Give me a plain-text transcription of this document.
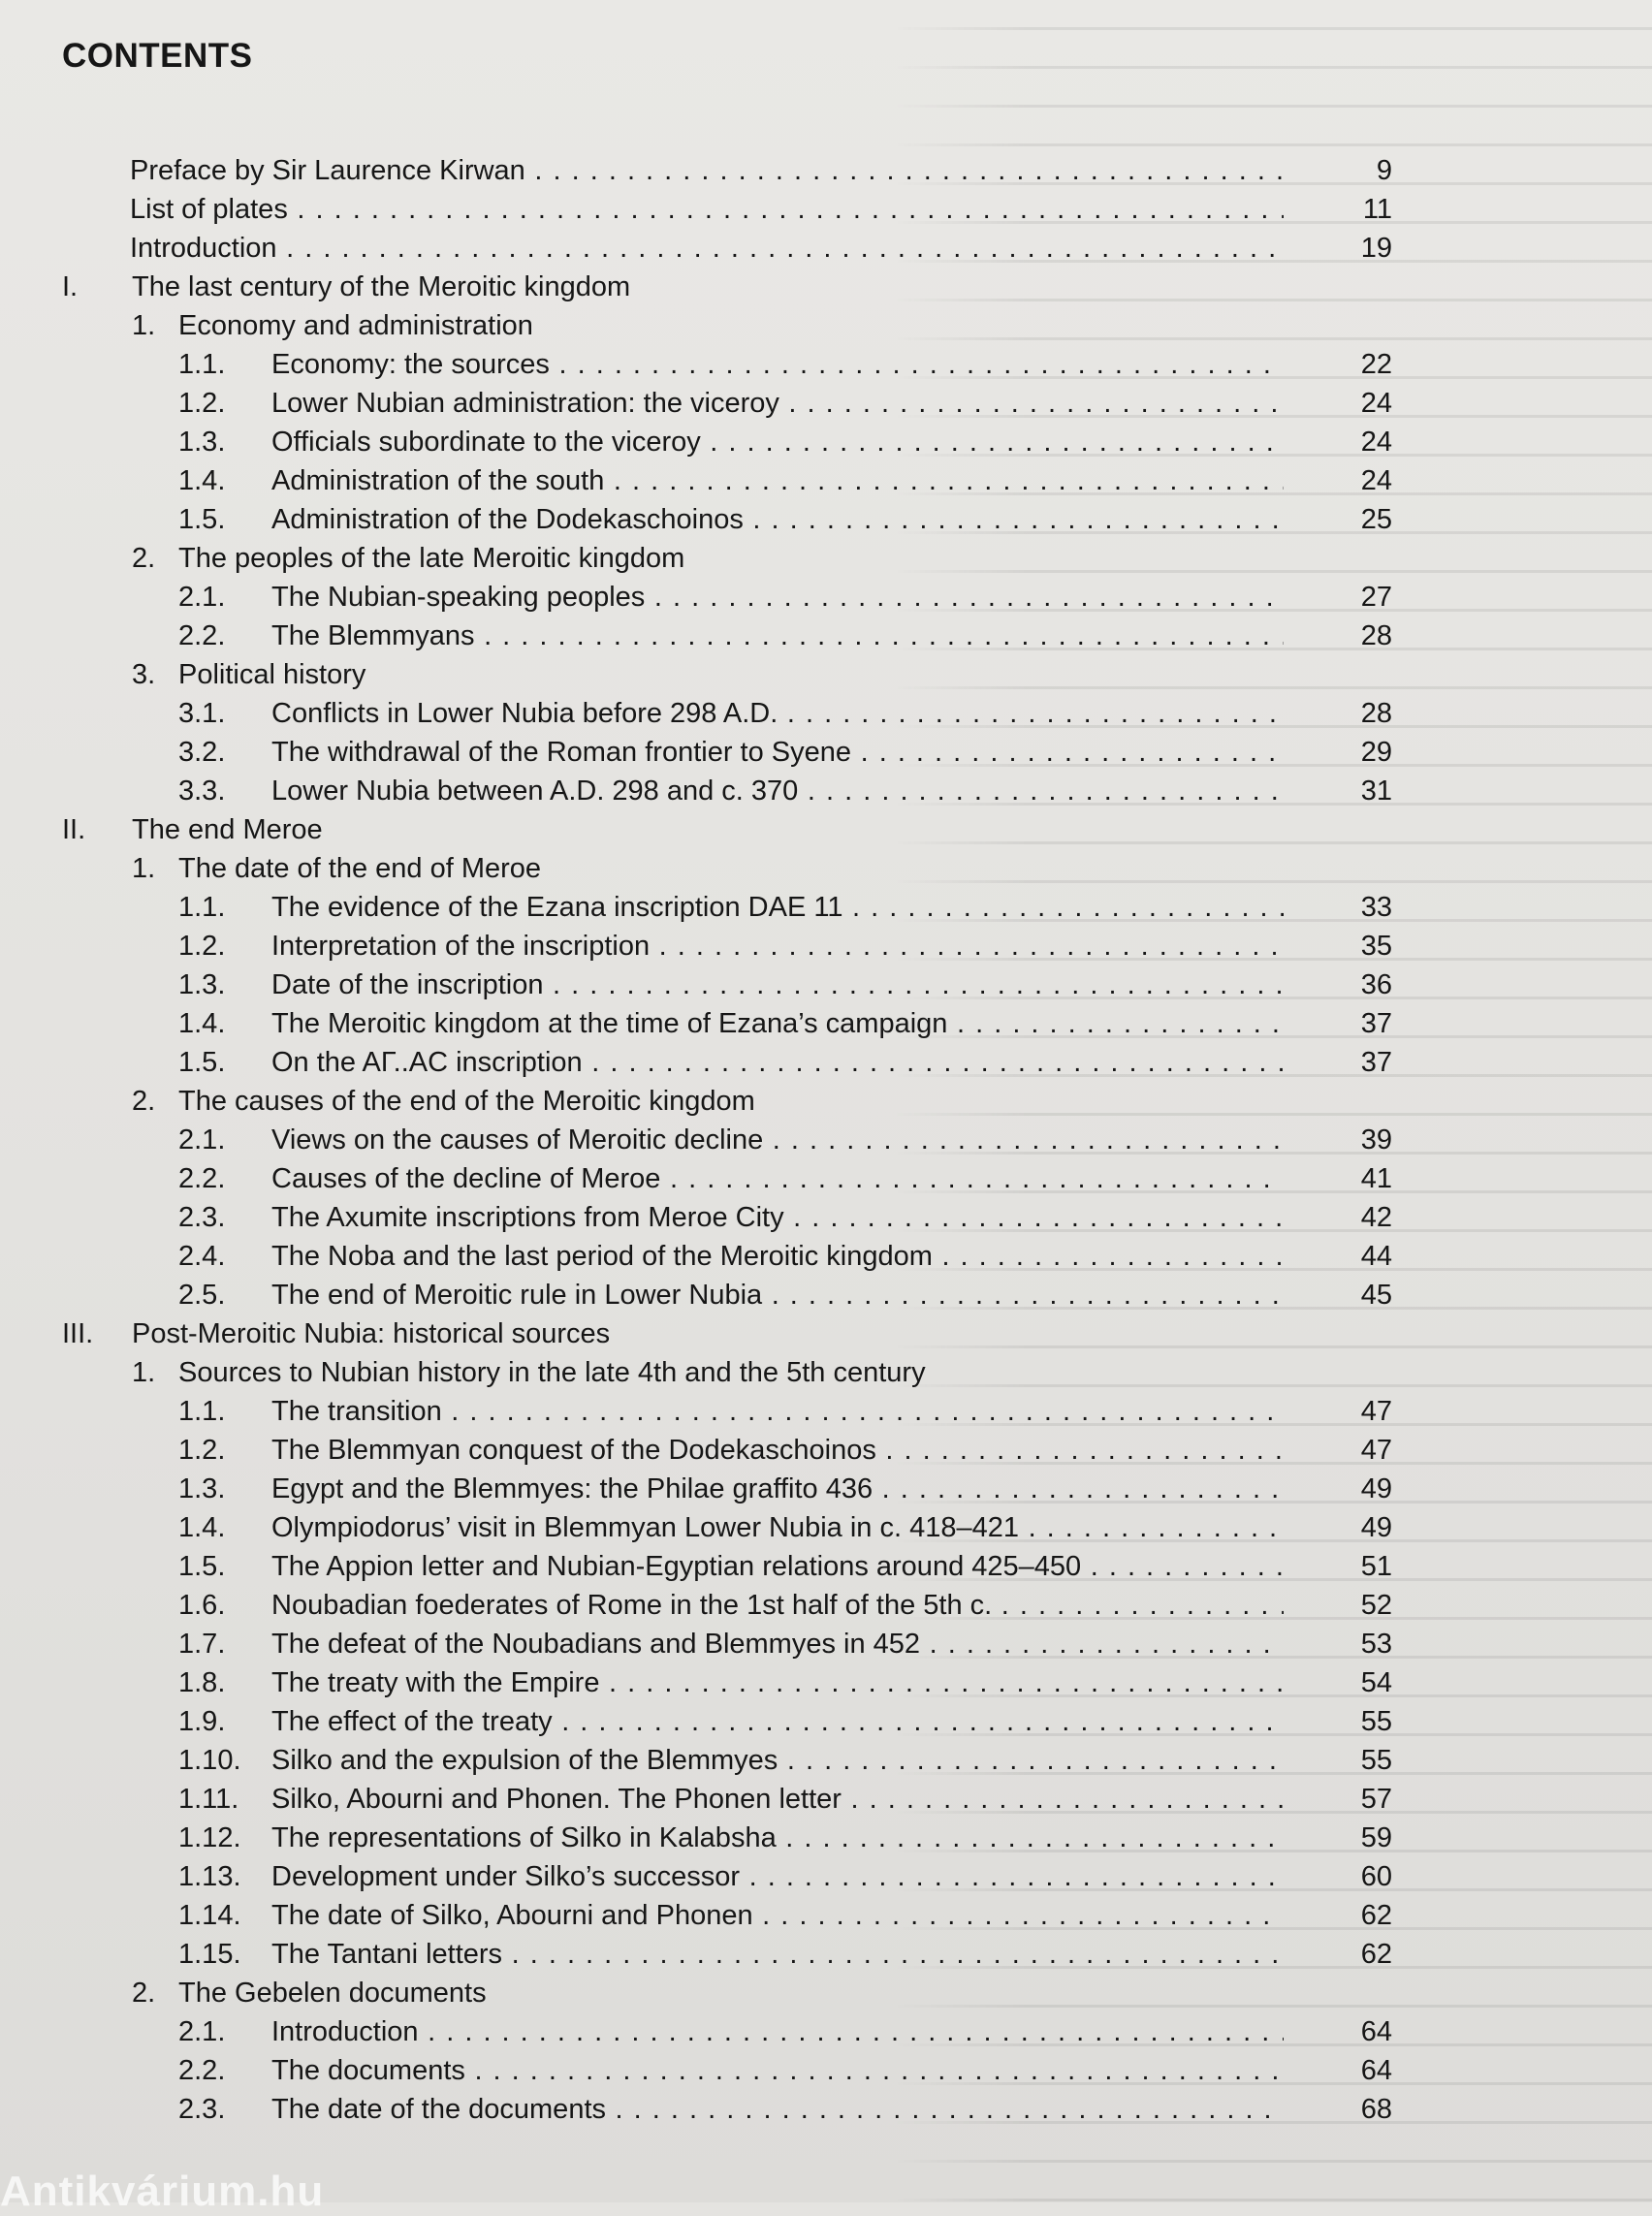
CONTENTS
Preface by Sir Laurence Kirwan . . .	9
List of plates . . .	11
Introduction . . .	19
I. The last century of the Meroitic kingdom
1. Economy and administration
1.1. Economy: the sources . . .	22
1.2. Lower Nubian administration: the viceroy . . .	24
1.3. Officials subordinate to the viceroy . . .	24
1.4. Administration of the south . . .	24
1.5. Administration of the Dodekaschoinos . . .	25
2. The peoples of the late Meroitic kingdom
2.1. The Nubian-speaking peoples . . .	27
2.2. The Blemmyans . . .	28
3. Political history
3.1. Conflicts in Lower Nubia before 298 A.D. . . .	28
3.2. The withdrawal of the Roman frontier to Syene . . .	29
3.3. Lower Nubia between A.D. 298 and c. 370 . . .	31
II. The end Meroe
1. The date of the end of Meroe
1.1. The evidence of the Ezana inscription DAE 11 . . .	33
1.2. Interpretation of the inscription . . .	35
1.3. Date of the inscription . . .	36
1.4. The Meroitic kingdom at the time of Ezana’s campaign . . .	37
1.5. On the AΓ..AC inscription . . .	37
2. The causes of the end of the Meroitic kingdom
2.1. Views on the causes of Meroitic decline . . .	39
2.2. Causes of the decline of Meroe . . .	41
2.3. The Axumite inscriptions from Meroe City . . .	42
2.4. The Noba and the last period of the Meroitic kingdom . . .	44
2.5. The end of Meroitic rule in Lower Nubia . . .	45
III. Post-Meroitic Nubia: historical sources
1. Sources to Nubian history in the late 4th and the 5th century
1.1. The transition . . .	47
1.2. The Blemmyan conquest of the Dodekaschoinos . . .	47
1.3. Egypt and the Blemmyes: the Philae graffito 436 . . .	49
1.4. Olympiodorus’ visit in Blemmyan Lower Nubia in c. 418–421 . . .	49
1.5. The Appion letter and Nubian-Egyptian relations around 425–450 . . .	51
1.6. Noubadian foederates of Rome in the 1st half of the 5th c. . . .	52
1.7. The defeat of the Noubadians and Blemmyes in 452 . . .	53
1.8. The treaty with the Empire . . .	54
1.9. The effect of the treaty . . .	55
1.10. Silko and the expulsion of the Blemmyes . . .	55
1.11. Silko, Abourni and Phonen. The Phonen letter . . .	57
1.12. The representations of Silko in Kalabsha . . .	59
1.13. Development under Silko’s successor . . .	60
1.14. The date of Silko, Abourni and Phonen . . .	62
1.15. The Tantani letters . . .	62
2. The Gebelen documents
2.1. Introduction . . .	64
2.2. The documents . . .	64
2.3. The date of the documents . . .	68
Antikvárium.hu
